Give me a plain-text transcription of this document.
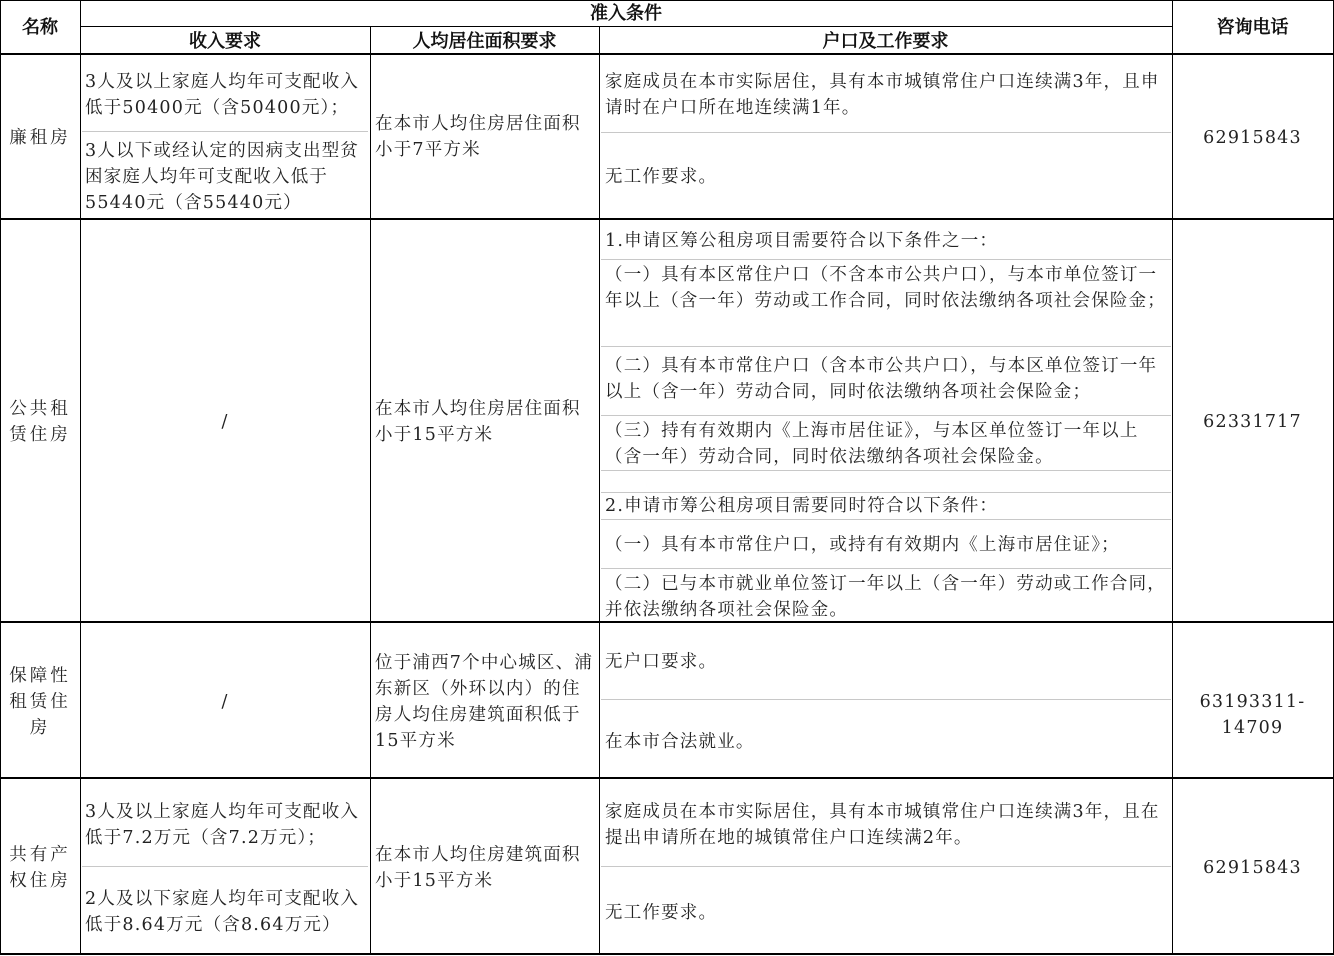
名称
准入条件
收入要求	人均居住面积要求	户口及工作要求
咨询电话
廉租房
3人及以上家庭人均年可支配收入低于50400元（含50400元）；
3人以下或经认定的因病支出型贫困家庭人均年可支配收入低于55440元（含55440元）
在本市人均住房居住面积小于7平方米
家庭成员在本市实际居住，具有本市城镇常住户口连续满3年，且申请时在户口所在地连续满1年。
无工作要求。
62915843
公共租赁住房
/
在本市人均住房居住面积小于15平方米
1.申请区筹公租房项目需要符合以下条件之一：
（一）具有本区常住户口（不含本市公共户口），与本市单位签订一年以上（含一年）劳动或工作合同，同时依法缴纳各项社会保险金；
（二）具有本市常住户口（含本市公共户口），与本区单位签订一年以上（含一年）劳动合同，同时依法缴纳各项社会保险金；
（三）持有有效期内《上海市居住证》，与本区单位签订一年以上（含一年）劳动合同，同时依法缴纳各项社会保险金。
2.申请市筹公租房项目需要同时符合以下条件：
（一）具有本市常住户口，或持有有效期内《上海市居住证》；
（二）已与本市就业单位签订一年以上（含一年）劳动或工作合同，并依法缴纳各项社会保险金。
62331717
保障性租赁住房
/
位于浦西7个中心城区、浦东新区（外环以内）的住房人均住房建筑面积低于15平方米
无户口要求。
在本市合法就业。
63193311-14709
共有产权住房
3人及以上家庭人均年可支配收入低于7.2万元（含7.2万元）；
2人及以下家庭人均年可支配收入低于8.64万元（含8.64万元）
在本市人均住房建筑面积小于15平方米
家庭成员在本市实际居住，具有本市城镇常住户口连续满3年，且在提出申请所在地的城镇常住户口连续满2年。
无工作要求。
62915843
